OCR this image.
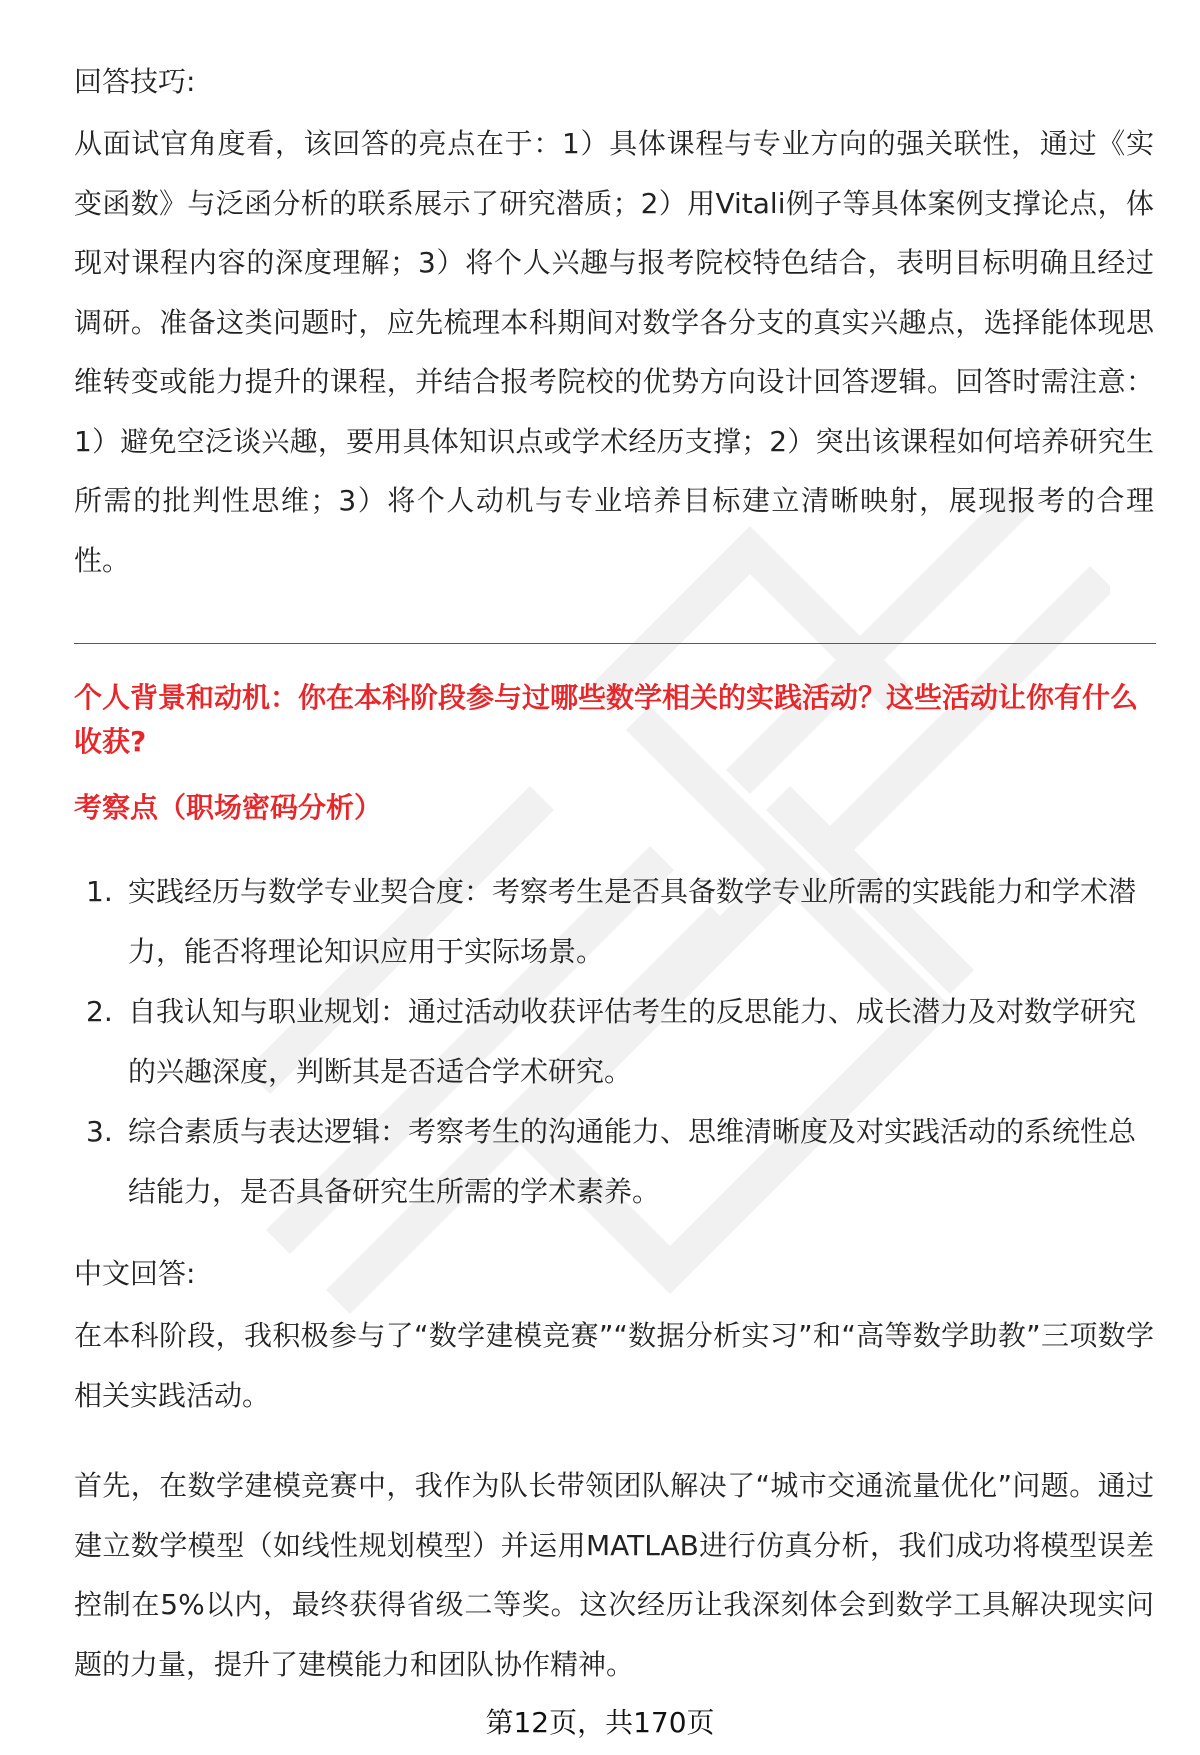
回答技巧:

从面试官角度看，该回答的亮点在于：1）具体课程与专业方向的强关联性，通过《实变函数》与泛函分析的联系展示了研究潜质；2）用Vitali例子等具体案例支撑论点，体现对课程内容的深度理解；3）将个人兴趣与报考院校特色结合，表明目标明确且经过调研。准备这类问题时，应先梳理本科期间对数学各分支的真实兴趣点，选择能体现思维转变或能力提升的课程，并结合报考院校的优势方向设计回答逻辑。回答时需注意：1）避免空泛谈兴趣，要用具体知识点或学术经历支撑；2）突出该课程如何培养研究生所需的批判性思维；3）将个人动机与专业培养目标建立清晰映射，展现报考的合理性。

个人背景和动机：你在本科阶段参与过哪些数学相关的实践活动？这些活动让你有什么收获?

考察点（职场密码分析）

1. 实践经历与数学专业契合度：考察考生是否具备数学专业所需的实践能力和学术潜力，能否将理论知识应用于实际场景。
2. 自我认知与职业规划：通过活动收获评估考生的反思能力、成长潜力及对数学研究的兴趣深度，判断其是否适合学术研究。
3. 综合素质与表达逻辑：考察考生的沟通能力、思维清晰度及对实践活动的系统性总结能力，是否具备研究生所需的学术素养。

中文回答:

在本科阶段，我积极参与了“数学建模竞赛”“数据分析实习”和“高等数学助教”三项数学相关实践活动。

首先，在数学建模竞赛中，我作为队长带领团队解决了“城市交通流量优化”问题。通过建立数学模型（如线性规划模型）并运用MATLAB进行仿真分析，我们成功将模型误差控制在5%以内，最终获得省级二等奖。这次经历让我深刻体会到数学工具解决现实问题的力量，提升了建模能力和团队协作精神。

第12页，共170页
